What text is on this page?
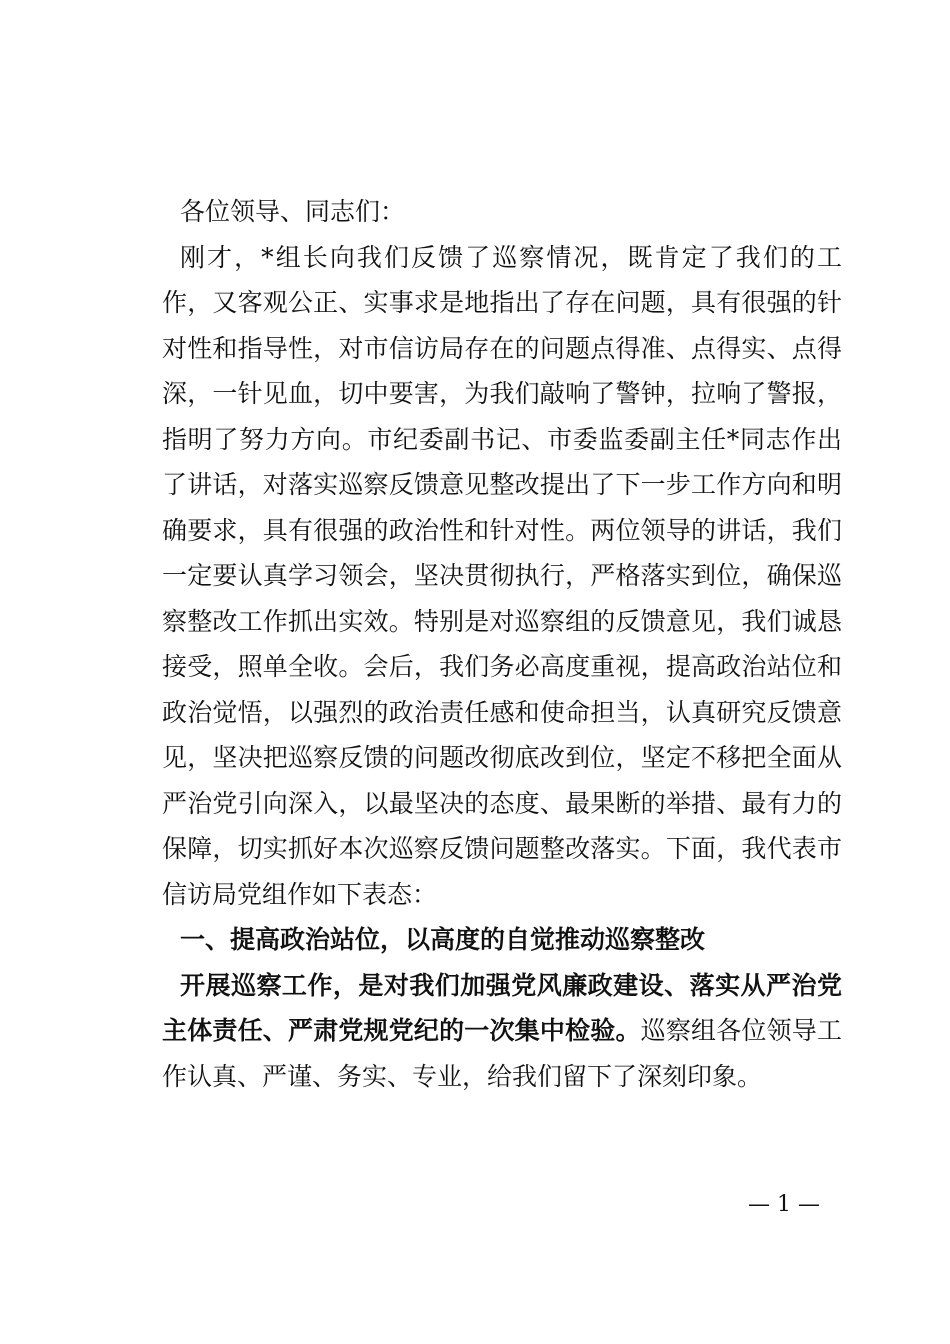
各位领导、同志们：

刚才，*组长向我们反馈了巡察情况，既肯定了我们的工作，又客观公正、实事求是地指出了存在问题，具有很强的针对性和指导性，对市信访局存在的问题点得准、点得实、点得深，一针见血，切中要害，为我们敲响了警钟，拉响了警报，指明了努力方向。市纪委副书记、市委监委副主任*同志作出了讲话，对落实巡察反馈意见整改提出了下一步工作方向和明确要求，具有很强的政治性和针对性。两位领导的讲话，我们一定要认真学习领会，坚决贯彻执行，严格落实到位，确保巡察整改工作抓出实效。特别是对巡察组的反馈意见，我们诚恳接受，照单全收。会后，我们务必高度重视，提高政治站位和政治觉悟，以强烈的政治责任感和使命担当，认真研究反馈意见，坚决把巡察反馈的问题改彻底改到位，坚定不移把全面从严治党引向深入，以最坚决的态度、最果断的举措、最有力的保障，切实抓好本次巡察反馈问题整改落实。下面，我代表市信访局党组作如下表态：

一、提高政治站位，以高度的自觉推动巡察整改

开展巡察工作，是对我们加强党风廉政建设、落实从严治党主体责任、严肃党规党纪的一次集中检验。巡察组各位领导工作认真、严谨、务实、专业，给我们留下了深刻印象。

— 1 —
